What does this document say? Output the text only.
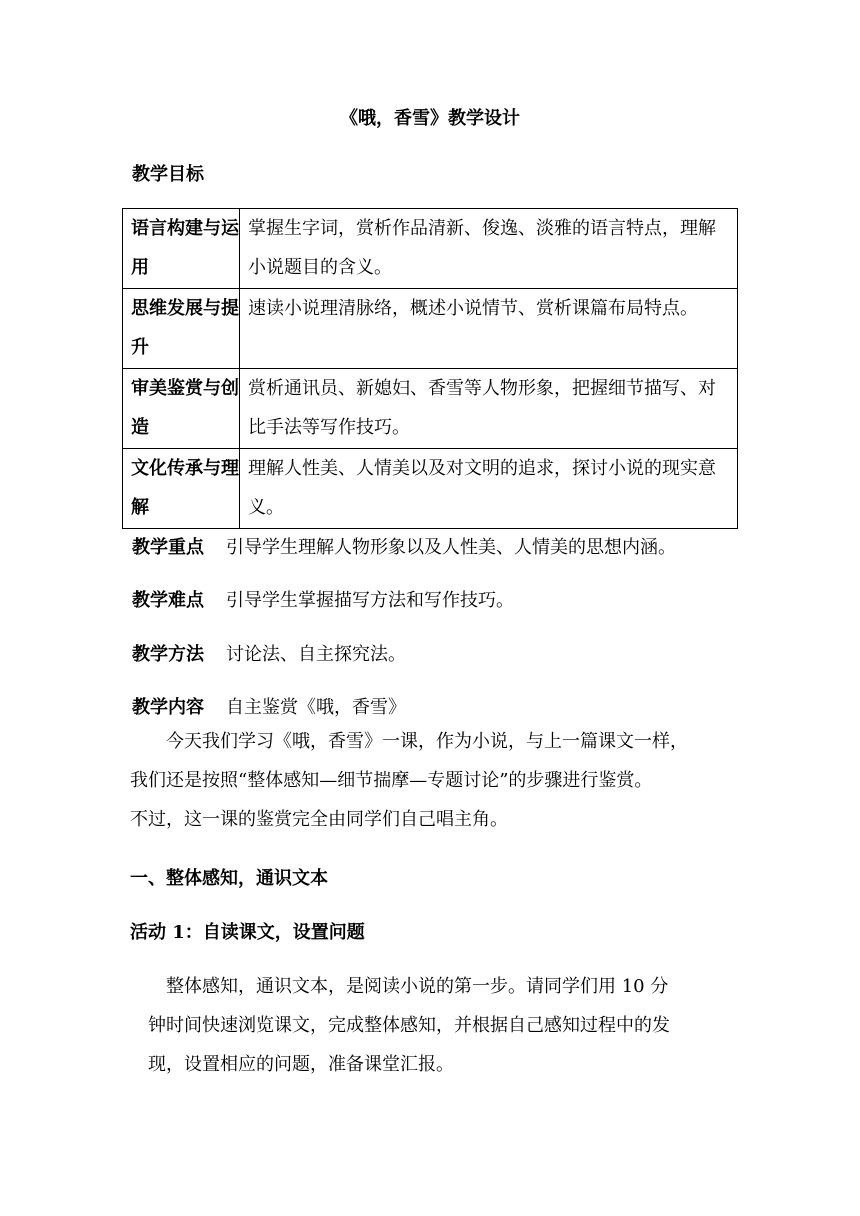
《哦，香雪》教学设计
教学目标
语言构建与运用	掌握生字词，赏析作品清新、俊逸、淡雅的语言特点，理解小说题目的含义。
思维发展与提升	速读小说理清脉络，概述小说情节、赏析课篇布局特点。
审美鉴赏与创造	赏析通讯员、新媳妇、香雪等人物形象，把握细节描写、对比手法等写作技巧。
文化传承与理解	理解人性美、人情美以及对文明的追求，探讨小说的现实意义。
教学重点 引导学生理解人物形象以及人性美、人情美的思想内涵。
教学难点 引导学生掌握描写方法和写作技巧。
教学方法 讨论法、自主探究法。
教学内容 自主鉴赏《哦，香雪》

　　今天我们学习《哦，香雪》一课，作为小说，与上一篇课文一样，

我们还是按照“整体感知—细节揣摩—专题讨论”的步骤进行鉴赏。

不过，这一课的鉴赏完全由同学们自己唱主角。

一、整体感知，通识文本
活动 1：自读课文，设置问题

　　整体感知，通识文本，是阅读小说的第一步。请同学们用 10 分

　钟时间快速浏览课文，完成整体感知，并根据自己感知过程中的发

　现，设置相应的问题，准备课堂汇报。
